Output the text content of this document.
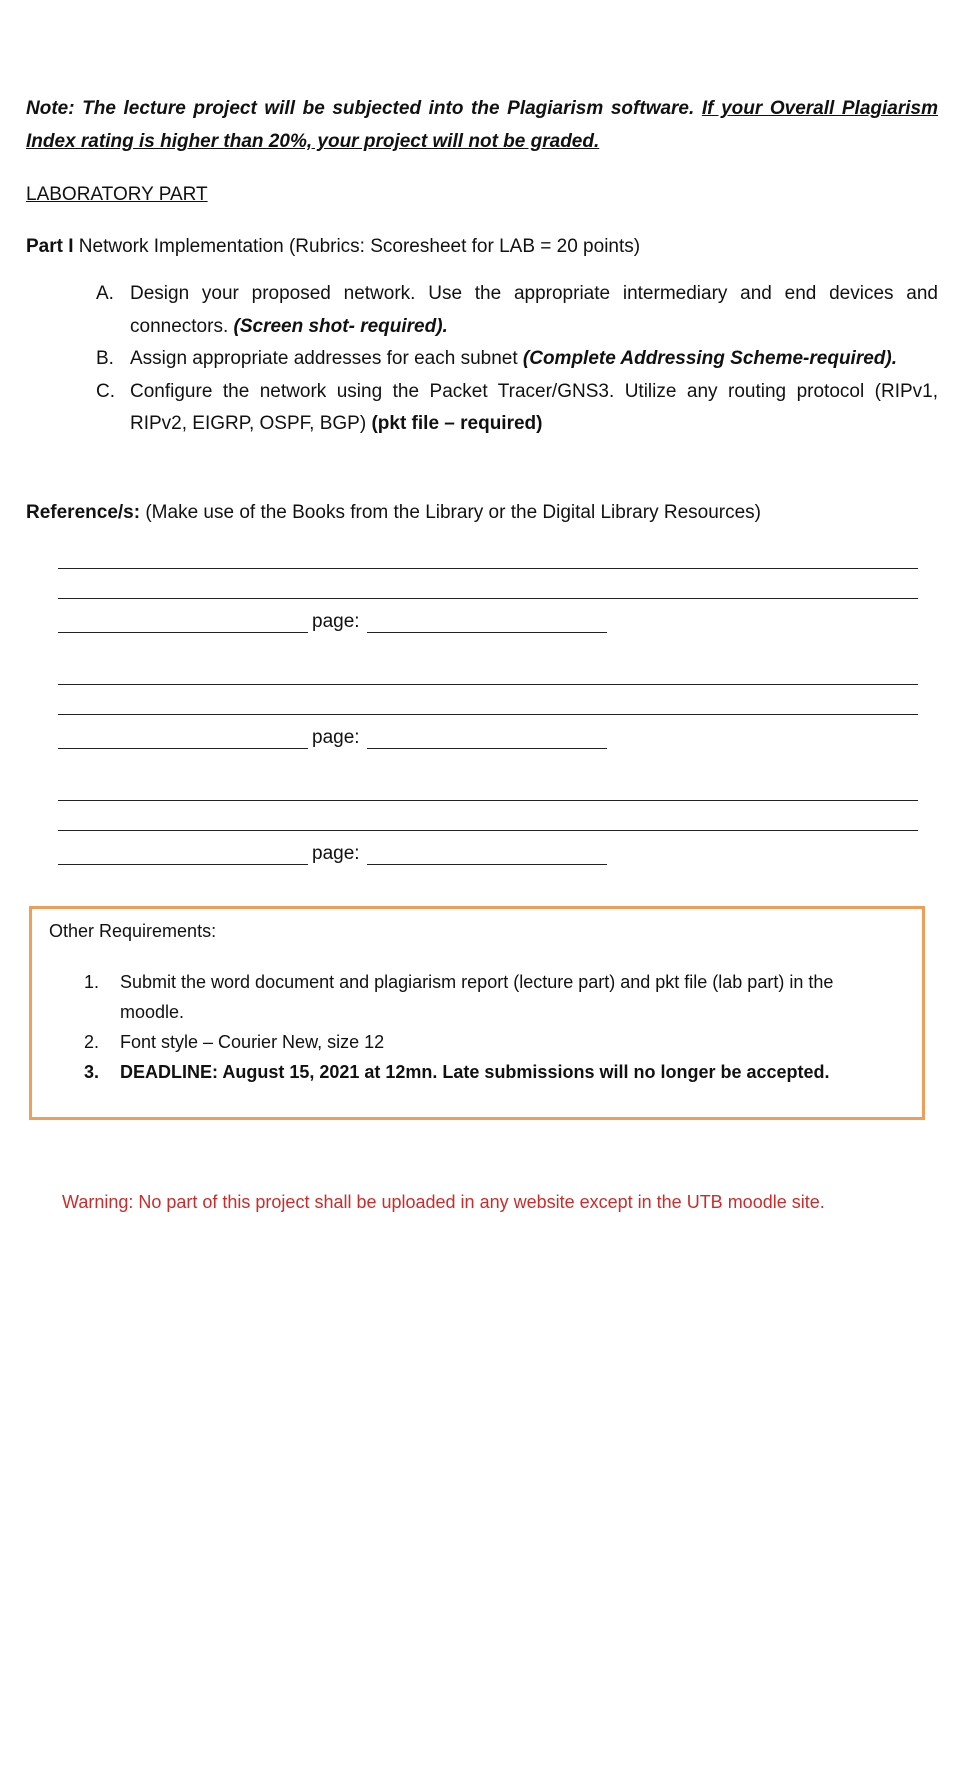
Note: The lecture project will be subjected into the Plagiarism software. If your Overall Plagiarism Index rating is higher than 20%, your project will not be graded.
LABORATORY PART
Part I Network Implementation (Rubrics: Scoresheet for LAB = 20 points)
A. Design your proposed network. Use the appropriate intermediary and end devices and connectors. (Screen shot- required).
B. Assign appropriate addresses for each subnet (Complete Addressing Scheme-required).
C. Configure the network using the Packet Tracer/GNS3. Utilize any routing protocol (RIPv1, RIPv2, EIGRP, OSPF, BGP) (pkt file – required)
Reference/s: (Make use of the Books from the Library or the Digital Library Resources)
page:
page:
page:
Other Requirements:
1. Submit the word document and plagiarism report (lecture part) and pkt file (lab part) in the moodle.
2. Font style – Courier New, size 12
3. DEADLINE: August 15, 2021 at 12mn. Late submissions will no longer be accepted.
Warning: No part of this project shall be uploaded in any website except in the UTB moodle site.
